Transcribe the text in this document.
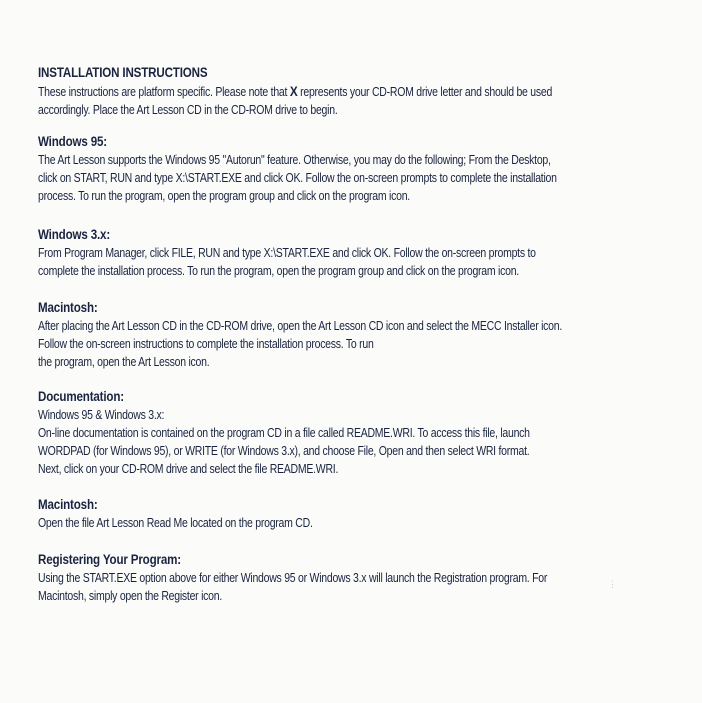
INSTALLATION INSTRUCTIONS

These instructions are platform specific. Please note that X represents your CD-ROM drive letter and should be used
accordingly. Place the Art Lesson CD in the CD-ROM drive to begin.

Windows 95:

The Art Lesson supports the Windows 95 "Autorun" feature. Otherwise, you may do the following; From the Desktop,
click on START, RUN and type X:\START.EXE and click OK. Follow the on-screen prompts to complete the installation
process. To run the program, open the program group and click on the program icon.

Windows 3.x:

From Program Manager, click FILE, RUN and type X:\START.EXE and click OK. Follow the on-screen prompts to
complete the installation process. To run the program, open the program group and click on the program icon.

Macintosh:

After placing the Art Lesson CD in the CD-ROM drive, open the Art Lesson CD icon and select the MECC Installer icon.
Follow the on-screen instructions to complete the installation process. To run
the program, open the Art Lesson icon.

Documentation:

Windows 95 & Windows 3.x:
On-line documentation is contained on the program CD in a file called README.WRI. To access this file, launch
WORDPAD (for Windows 95), or WRITE (for Windows 3.x), and choose File, Open and then select WRI format.
Next, click on your CD-ROM drive and select the file README.WRI.

Macintosh:

Open the file Art Lesson Read Me located on the program CD.

Registering Your Program:

Using the START.EXE option above for either Windows 95 or Windows 3.x will launch the Registration program. For
Macintosh, simply open the Register icon.

⋮
